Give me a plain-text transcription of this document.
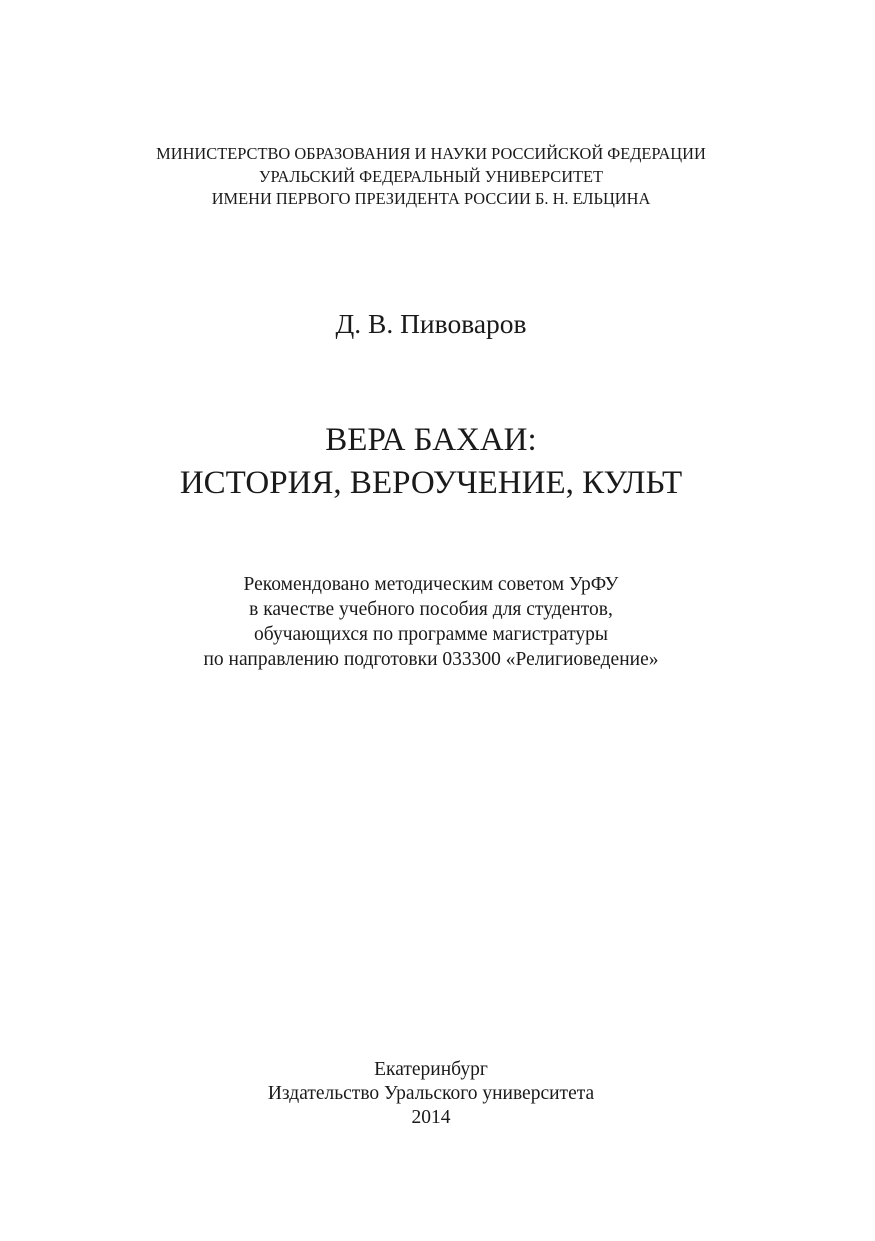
МИНИСТЕРСТВО ОБРАЗОВАНИЯ И НАУКИ РОССИЙСКОЙ ФЕДЕРАЦИИ

УРАЛЬСКИЙ ФЕДЕРАЛЬНЫЙ УНИВЕРСИТЕТ

ИМЕНИ ПЕРВОГО ПРЕЗИДЕНТА РОССИИ Б. Н. ЕЛЬЦИНА

Д. В. Пивоваров

ВЕРА БАХАИ:

ИСТОРИЯ, ВЕРОУЧЕНИЕ, КУЛЬТ

Рекомендовано методическим советом УрФУ

в качестве учебного пособия для студентов,

обучающихся по программе магистратуры

по направлению подготовки 033300 «Религиоведение»

Екатеринбург

Издательство Уральского университета

2014
